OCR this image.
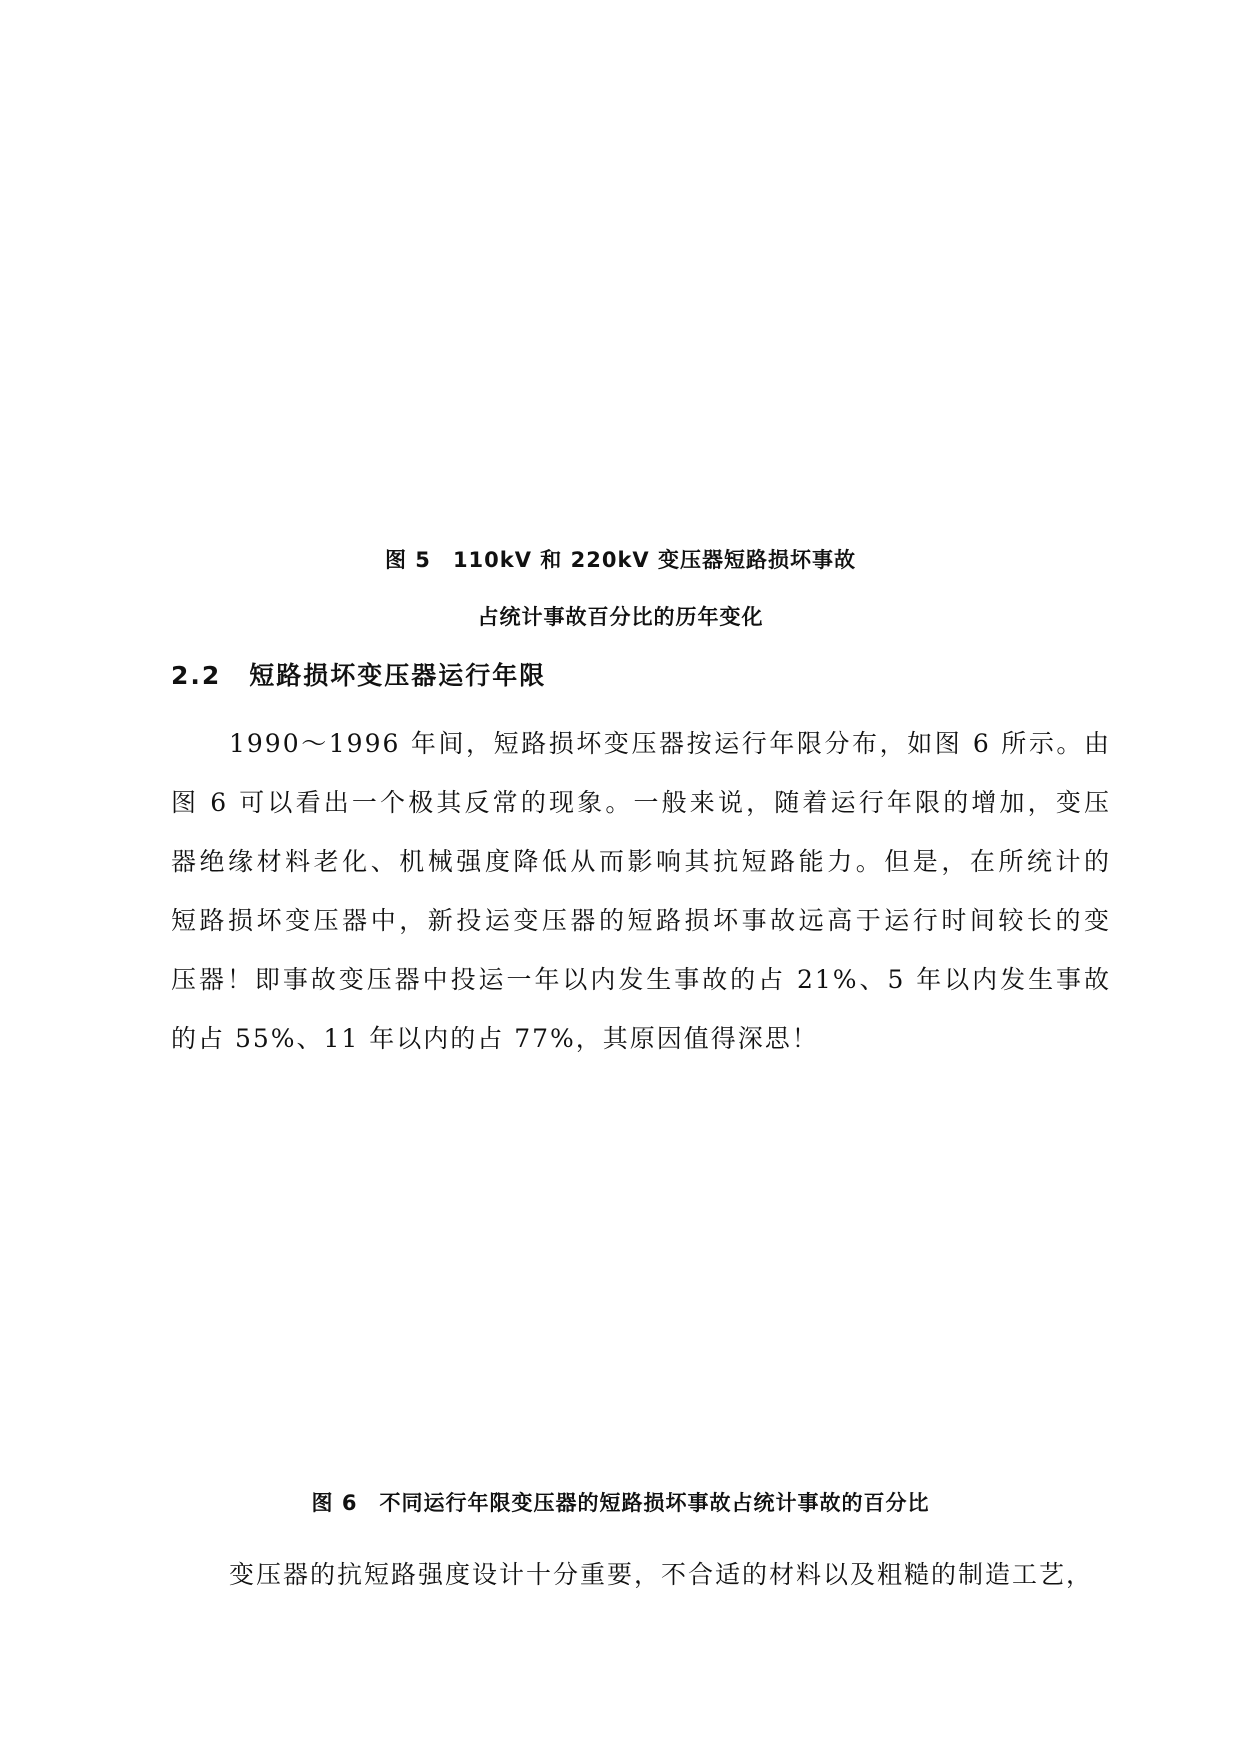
图 5 110kV 和 220kV 变压器短路损坏事故
占统计事故百分比的历年变化
2.2 短路损坏变压器运行年限
1990～1996 年间，短路损坏变压器按运行年限分布，如图 6 所示。由
图 6 可以看出一个极其反常的现象。一般来说，随着运行年限的增加，变压
器绝缘材料老化、机械强度降低从而影响其抗短路能力。但是，在所统计的
短路损坏变压器中，新投运变压器的短路损坏事故远高于运行时间较长的变
压器！即事故变压器中投运一年以内发生事故的占 21%、5 年以内发生事故
的占 55%、11 年以内的占 77%，其原因值得深思！
图 6 不同运行年限变压器的短路损坏事故占统计事故的百分比
变压器的抗短路强度设计十分重要，不合适的材料以及粗糙的制造工艺，
